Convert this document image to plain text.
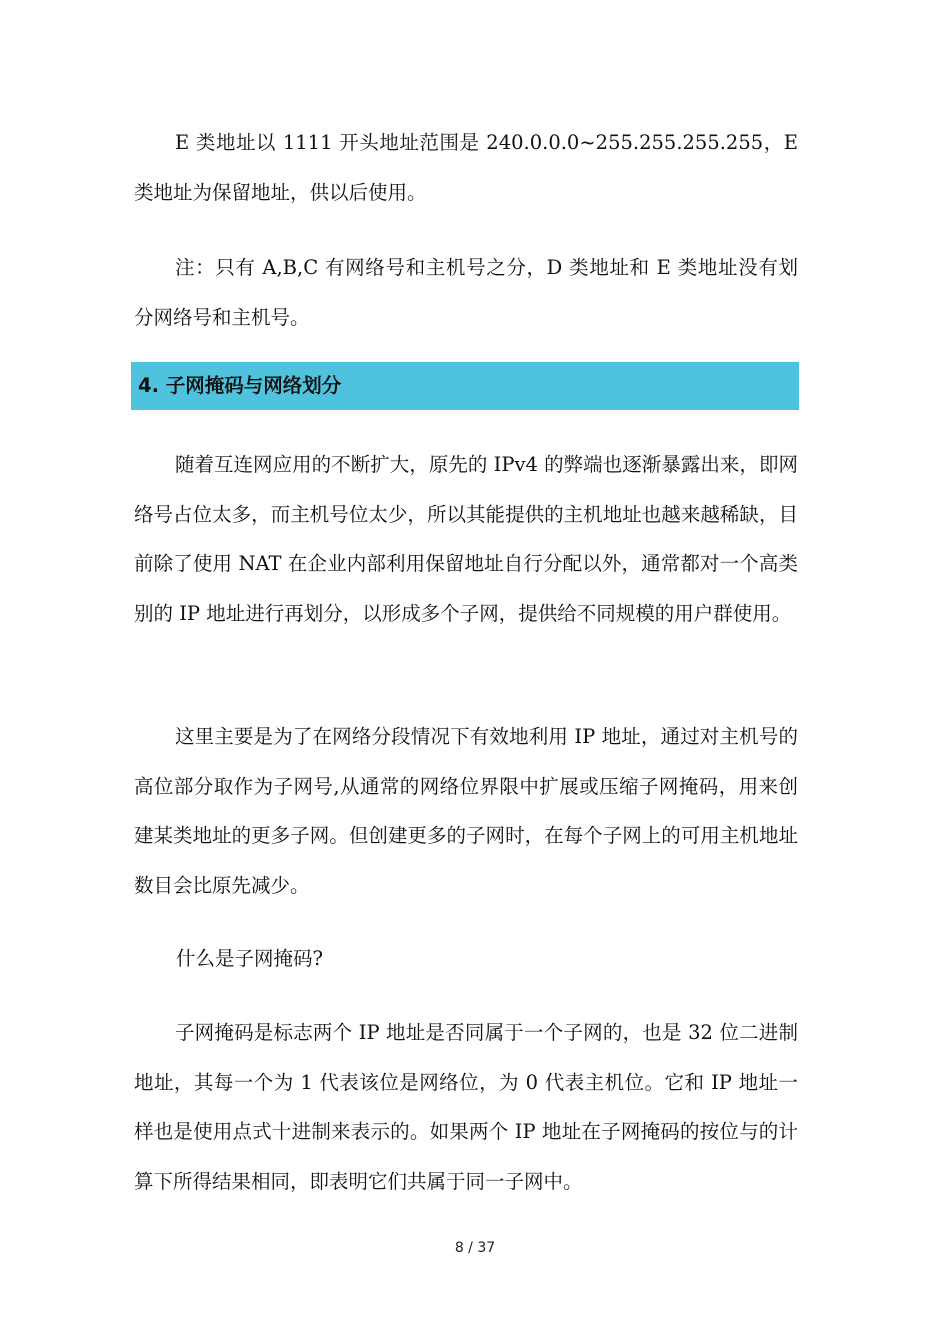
E 类地址以 1111 开头地址范围是 240.0.0.0~255.255.255.255，E 类地址为保留地址，供以后使用。

注：只有 A,B,C 有网络号和主机号之分，D 类地址和 E 类地址没有划分网络号和主机号。

4. 子网掩码与网络划分

随着互连网应用的不断扩大，原先的 IPv4 的弊端也逐渐暴露出来，即网络号占位太多，而主机号位太少，所以其能提供的主机地址也越来越稀缺，目前除了使用 NAT 在企业内部利用保留地址自行分配以外，通常都对一个高类别的 IP 地址进行再划分，以形成多个子网，提供给不同规模的用户群使用。

这里主要是为了在网络分段情况下有效地利用 IP 地址，通过对主机号的高位部分取作为子网号,从通常的网络位界限中扩展或压缩子网掩码，用来创建某类地址的更多子网。但创建更多的子网时，在每个子网上的可用主机地址数目会比原先减少。

什么是子网掩码?

子网掩码是标志两个 IP 地址是否同属于一个子网的，也是 32 位二进制地址，其每一个为 1 代表该位是网络位，为 0 代表主机位。它和 IP 地址一样也是使用点式十进制来表示的。如果两个 IP 地址在子网掩码的按位与的计算下所得结果相同，即表明它们共属于同一子网中。

8 / 37
